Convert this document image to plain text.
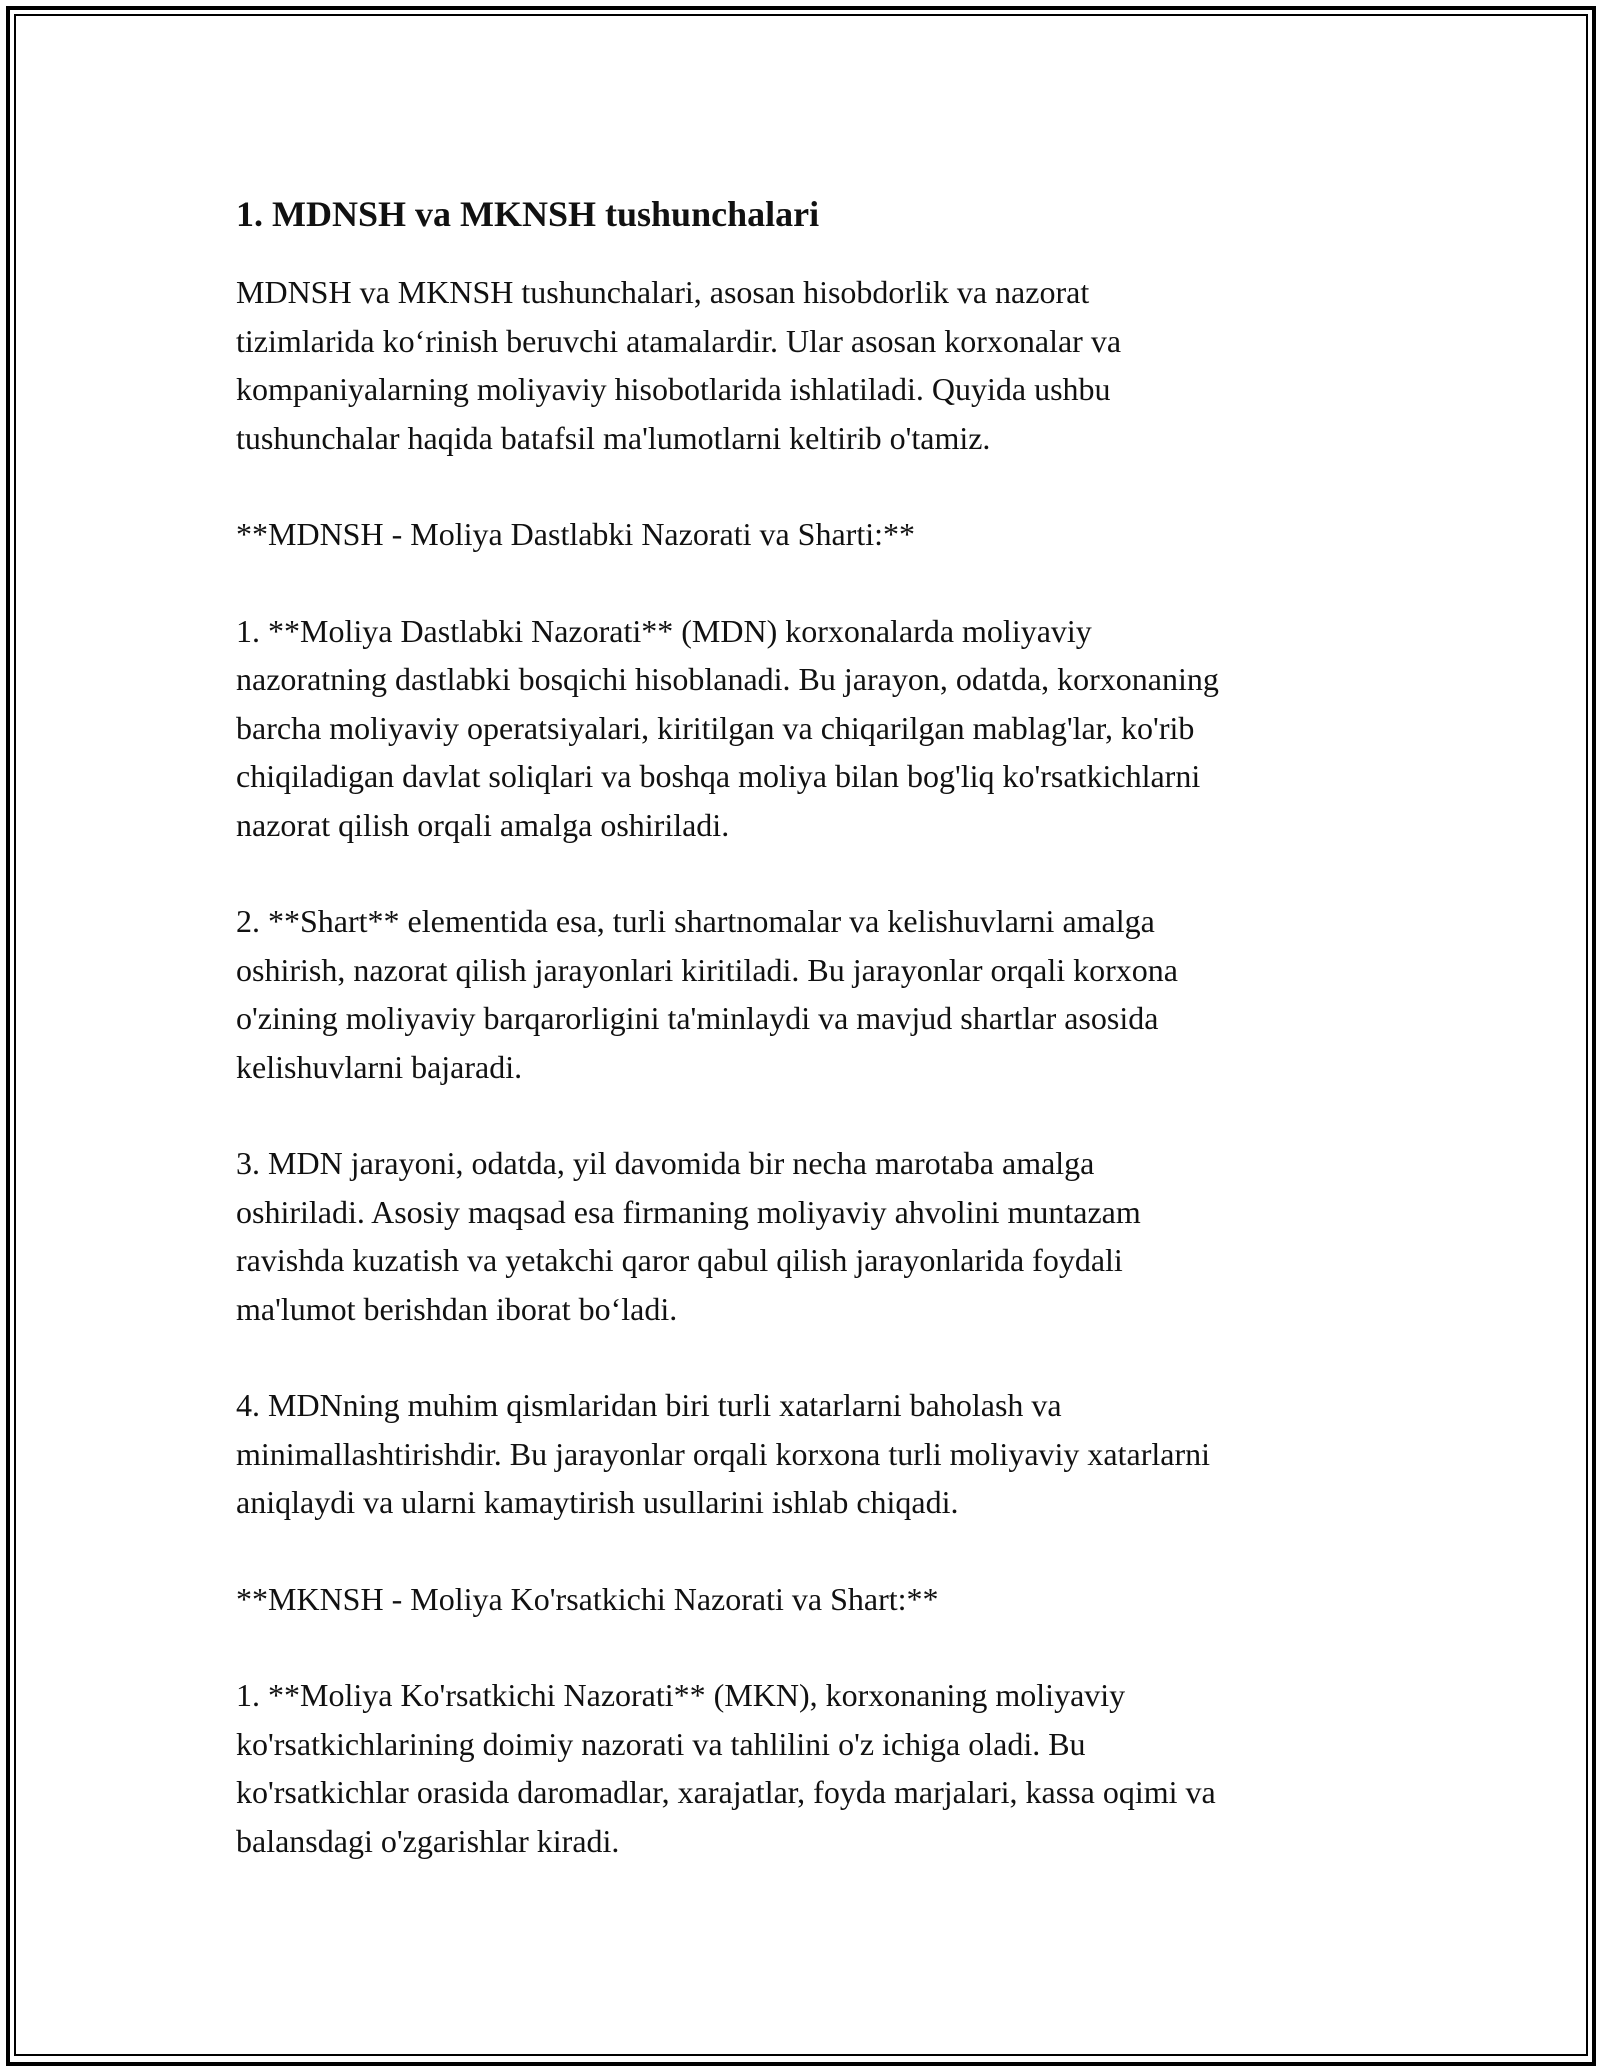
1. MDNSH va MKNSH tushunchalari

MDNSH va MKNSH tushunchalari, asosan hisobdorlik va nazorat
tizimlarida ko‘rinish beruvchi atamalardir. Ular asosan korxonalar va
kompaniyalarning moliyaviy hisobotlarida ishlatiladi. Quyida ushbu
tushunchalar haqida batafsil ma'lumotlarni keltirib o'tamiz.

**MDNSH - Moliya Dastlabki Nazorati va Sharti:**

1. **Moliya Dastlabki Nazorati** (MDN) korxonalarda moliyaviy
nazoratning dastlabki bosqichi hisoblanadi. Bu jarayon, odatda, korxonaning
barcha moliyaviy operatsiyalari, kiritilgan va chiqarilgan mablag'lar, ko'rib
chiqiladigan davlat soliqlari va boshqa moliya bilan bog'liq ko'rsatkichlarni
nazorat qilish orqali amalga oshiriladi.

2. **Shart** elementida esa, turli shartnomalar va kelishuvlarni amalga
oshirish, nazorat qilish jarayonlari kiritiladi. Bu jarayonlar orqali korxona
o'zining moliyaviy barqarorligini ta'minlaydi va mavjud shartlar asosida
kelishuvlarni bajaradi.

3. MDN jarayoni, odatda, yil davomida bir necha marotaba amalga
oshiriladi. Asosiy maqsad esa firmaning moliyaviy ahvolini muntazam
ravishda kuzatish va yetakchi qaror qabul qilish jarayonlarida foydali
ma'lumot berishdan iborat bo‘ladi.

4. MDNning muhim qismlaridan biri turli xatarlarni baholash va
minimallashtirishdir. Bu jarayonlar orqali korxona turli moliyaviy xatarlarni
aniqlaydi va ularni kamaytirish usullarini ishlab chiqadi.

**MKNSH - Moliya Ko'rsatkichi Nazorati va Shart:**

1. **Moliya Ko'rsatkichi Nazorati** (MKN), korxonaning moliyaviy
ko'rsatkichlarining doimiy nazorati va tahlilini o'z ichiga oladi. Bu
ko'rsatkichlar orasida daromadlar, xarajatlar, foyda marjalari, kassa oqimi va
balansdagi o'zgarishlar kiradi.
